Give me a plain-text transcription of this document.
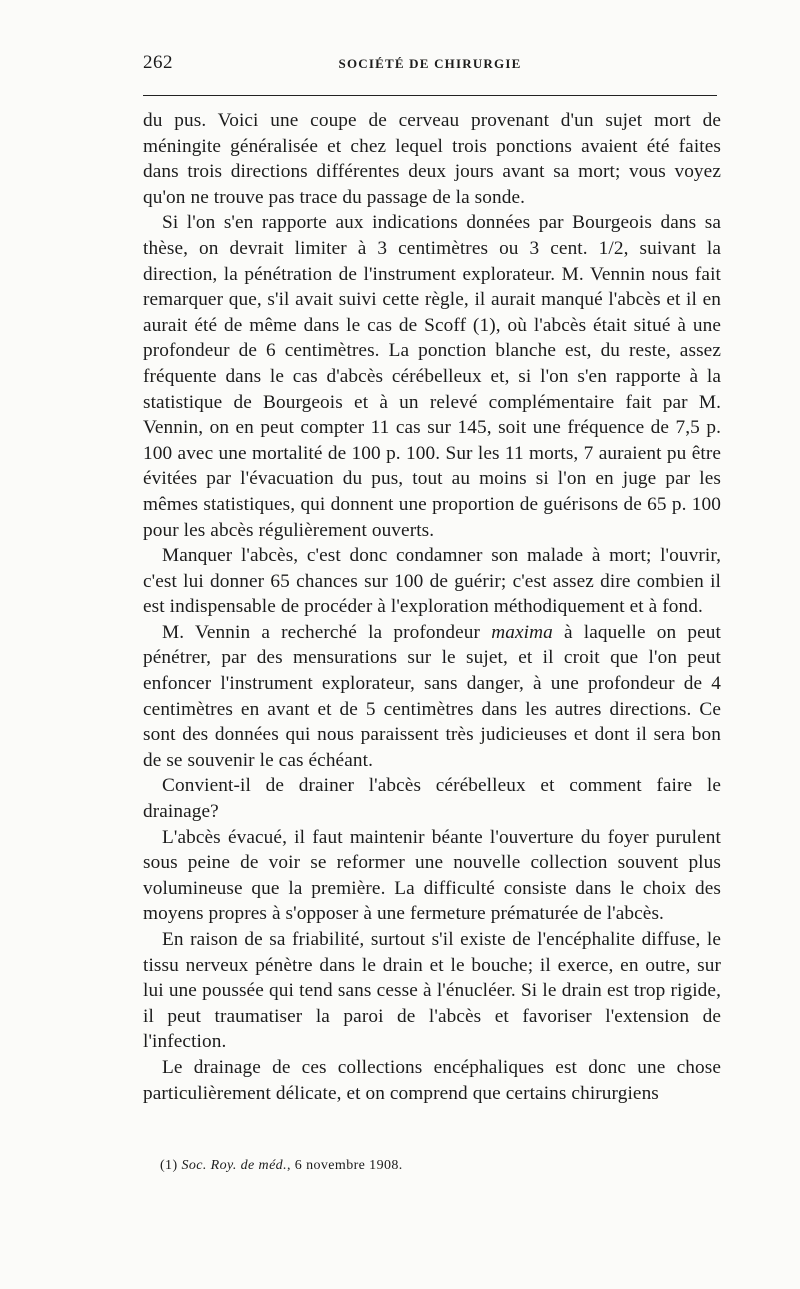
262	SOCIÉTÉ DE CHIRURGIE

du pus. Voici une coupe de cerveau provenant d'un sujet mort de méningite généralisée et chez lequel trois ponctions avaient été faites dans trois directions différentes deux jours avant sa mort; vous voyez qu'on ne trouve pas trace du passage de la sonde.

Si l'on s'en rapporte aux indications données par Bourgeois dans sa thèse, on devrait limiter à 3 centimètres ou 3 cent. 1/2, suivant la direction, la pénétration de l'instrument explorateur. M. Vennin nous fait remarquer que, s'il avait suivi cette règle, il aurait manqué l'abcès et il en aurait été de même dans le cas de Scoff (1), où l'abcès était situé à une profondeur de 6 centimètres. La ponction blanche est, du reste, assez fréquente dans le cas d'abcès cérébelleux et, si l'on s'en rapporte à la statistique de Bourgeois et à un relevé complémentaire fait par M. Vennin, on en peut compter 11 cas sur 145, soit une fréquence de 7,5 p. 100 avec une mortalité de 100 p. 100. Sur les 11 morts, 7 auraient pu être évitées par l'évacuation du pus, tout au moins si l'on en juge par les mêmes statistiques, qui donnent une proportion de guérisons de 65 p. 100 pour les abcès régulièrement ouverts.

Manquer l'abcès, c'est donc condamner son malade à mort; l'ouvrir, c'est lui donner 65 chances sur 100 de guérir; c'est assez dire combien il est indispensable de procéder à l'exploration méthodiquement et à fond.

M. Vennin a recherché la profondeur maxima à laquelle on peut pénétrer, par des mensurations sur le sujet, et il croit que l'on peut enfoncer l'instrument explorateur, sans danger, à une profondeur de 4 centimètres en avant et de 5 centimètres dans les autres directions. Ce sont des données qui nous paraissent très judicieuses et dont il sera bon de se souvenir le cas échéant.

Convient-il de drainer l'abcès cérébelleux et comment faire le drainage?

L'abcès évacué, il faut maintenir béante l'ouverture du foyer purulent sous peine de voir se reformer une nouvelle collection souvent plus volumineuse que la première. La difficulté consiste dans le choix des moyens propres à s'opposer à une fermeture prématurée de l'abcès.

En raison de sa friabilité, surtout s'il existe de l'encéphalite diffuse, le tissu nerveux pénètre dans le drain et le bouche; il exerce, en outre, sur lui une poussée qui tend sans cesse à l'énucléer. Si le drain est trop rigide, il peut traumatiser la paroi de l'abcès et favoriser l'extension de l'infection.

Le drainage de ces collections encéphaliques est donc une chose particulièrement délicate, et on comprend que certains chirurgiens

(1) Soc. Roy. de méd., 6 novembre 1908.
